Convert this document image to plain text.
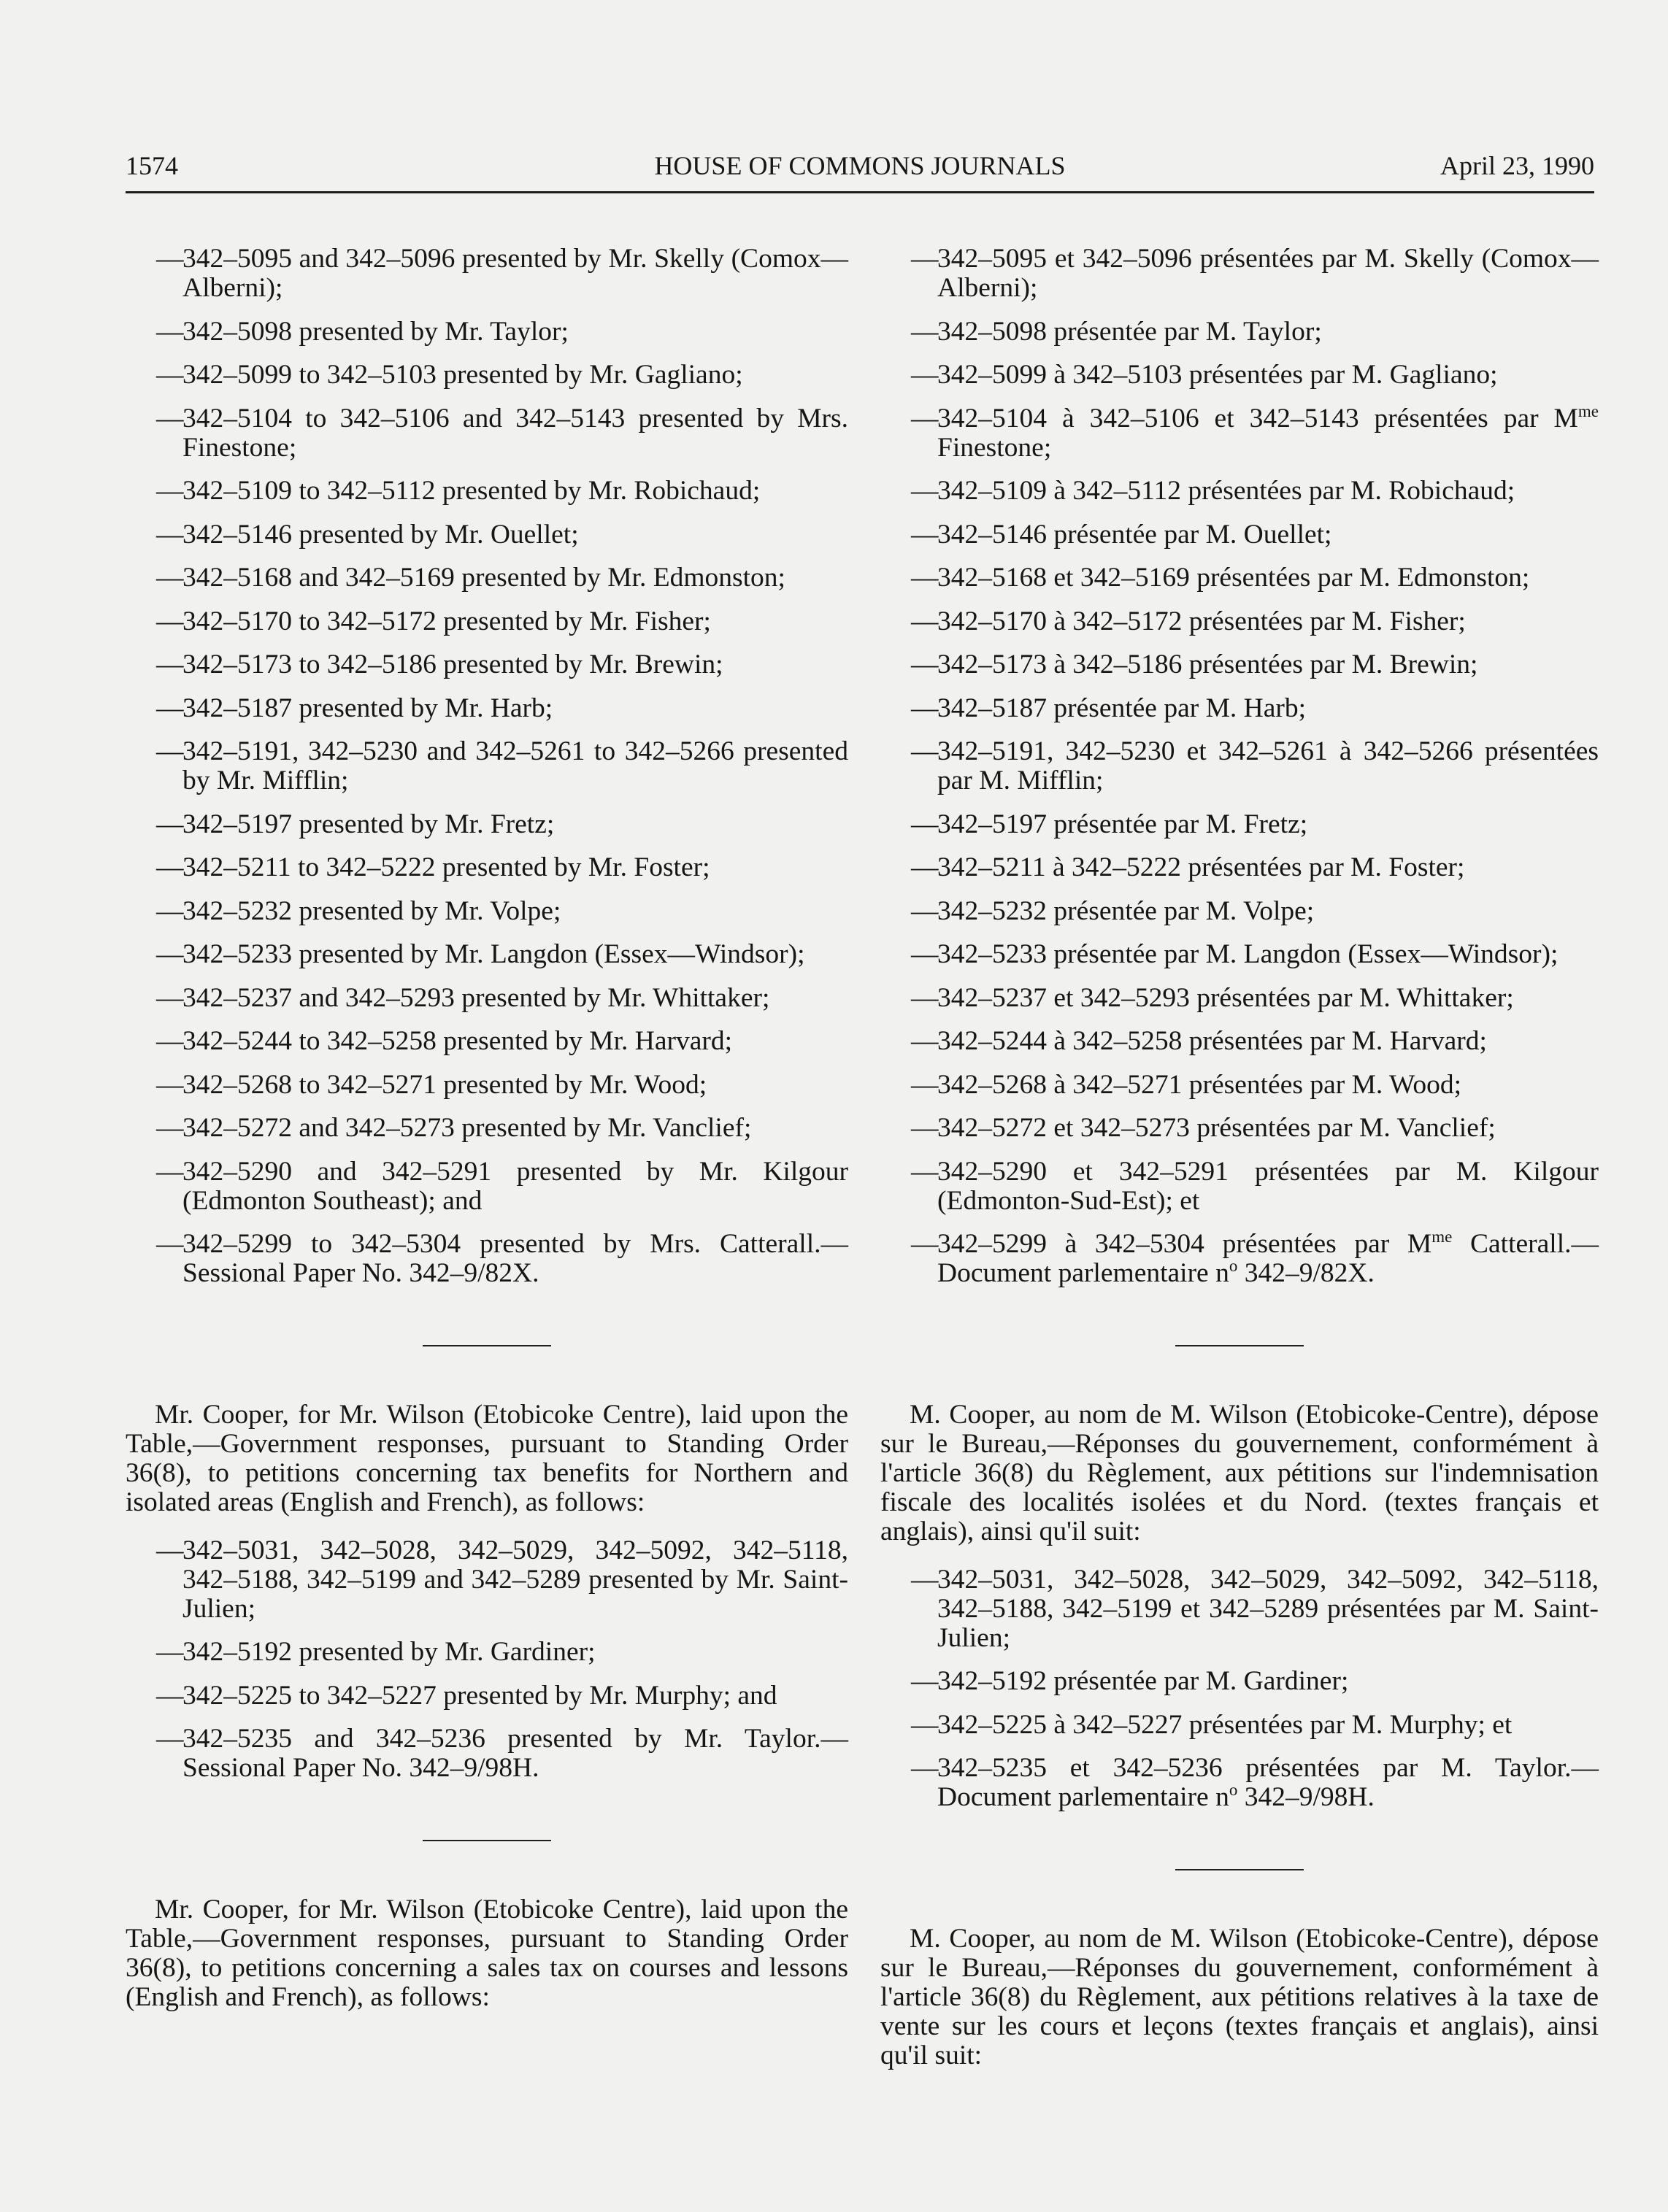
1574	HOUSE OF COMMONS JOURNALS	April 23, 1990
— 342–5095 and 342–5096 presented by Mr. Skelly (Comox—Alberni);
— 342–5098 presented by Mr. Taylor;
— 342–5099 to 342–5103 presented by Mr. Gagliano;
— 342–5104 to 342–5106 and 342–5143 presented by Mrs. Finestone;
— 342–5109 to 342–5112 presented by Mr. Robichaud;
— 342–5146 presented by Mr. Ouellet;
— 342–5168 and 342–5169 presented by Mr. Edmonston;
— 342–5170 to 342–5172 presented by Mr. Fisher;
— 342–5173 to 342–5186 presented by Mr. Brewin;
— 342–5187 presented by Mr. Harb;
— 342–5191, 342–5230 and 342–5261 to 342–5266 presented by Mr. Mifflin;
— 342–5197 presented by Mr. Fretz;
— 342–5211 to 342–5222 presented by Mr. Foster;
— 342–5232 presented by Mr. Volpe;
— 342–5233 presented by Mr. Langdon (Essex—Windsor);
— 342–5237 and 342–5293 presented by Mr. Whittaker;
— 342–5244 to 342–5258 presented by Mr. Harvard;
— 342–5268 to 342–5271 presented by Mr. Wood;
— 342–5272 and 342–5273 presented by Mr. Vanclief;
— 342–5290 and 342–5291 presented by Mr. Kilgour (Edmonton Southeast); and
— 342–5299 to 342–5304 presented by Mrs. Catterall.—Sessional Paper No. 342–9/82X.

Mr. Cooper, for Mr. Wilson (Etobicoke Centre), laid upon the Table,—Government responses, pursuant to Standing Order 36(8), to petitions concerning tax benefits for Northern and isolated areas (English and French), as follows:

— 342–5031, 342–5028, 342–5029, 342–5092, 342–5118, 342–5188, 342–5199 and 342–5289 presented by Mr. Saint-Julien;
— 342–5192 presented by Mr. Gardiner;
— 342–5225 to 342–5227 presented by Mr. Murphy; and
— 342–5235 and 342–5236 presented by Mr. Taylor.—Sessional Paper No. 342–9/98H.

Mr. Cooper, for Mr. Wilson (Etobicoke Centre), laid upon the Table,—Government responses, pursuant to Standing Order 36(8), to petitions concerning a sales tax on courses and lessons (English and French), as follows:

— 342–5095 et 342–5096 présentées par M. Skelly (Comox—Alberni);
— 342–5098 présentée par M. Taylor;
— 342–5099 à 342–5103 présentées par M. Gagliano;
— 342–5104 à 342–5106 et 342–5143 présentées par $M^{me}$ Finestone;
— 342–5109 à 342–5112 présentées par M. Robichaud;
— 342–5146 présentée par M. Ouellet;
— 342–5168 et 342–5169 présentées par M. Edmonston;
— 342–5170 à 342–5172 présentées par M. Fisher;
— 342–5173 à 342–5186 présentées par M. Brewin;
— 342–5187 présentée par M. Harb;
— 342–5191, 342–5230 et 342–5261 à 342–5266 présentées par M. Mifflin;
— 342–5197 présentée par M. Fretz;
— 342–5211 à 342–5222 présentées par M. Foster;
— 342–5232 présentée par M. Volpe;
— 342–5233 présentée par M. Langdon (Essex—Windsor);
— 342–5237 et 342–5293 présentées par M. Whittaker;
— 342–5244 à 342–5258 présentées par M. Harvard;
— 342–5268 à 342–5271 présentées par M. Wood;
— 342–5272 et 342–5273 présentées par M. Vanclief;
— 342–5290 et 342–5291 présentées par M. Kilgour (Edmonton-Sud-Est); et
— 342–5299 à 342–5304 présentées par $M^{me}$ Catterall.—Document parlementaire $n^o$ 342–9/82X.

M. Cooper, au nom de M. Wilson (Etobicoke-Centre), dépose sur le Bureau,—Réponses du gouvernement, conformément à l'article 36(8) du Règlement, aux pétitions sur l'indemnisation fiscale des localités isolées et du Nord. (textes français et anglais), ainsi qu'il suit:

— 342–5031, 342–5028, 342–5029, 342–5092, 342–5118, 342–5188, 342–5199 et 342–5289 présentées par M. Saint-Julien;
— 342–5192 présentée par M. Gardiner;
— 342–5225 à 342–5227 présentées par M. Murphy; et
— 342–5235 et 342–5236 présentées par M. Taylor.—Document parlementaire $n^o$ 342–9/98H.

M. Cooper, au nom de M. Wilson (Etobicoke-Centre), dépose sur le Bureau,—Réponses du gouvernement, conformément à l'article 36(8) du Règlement, aux pétitions relatives à la taxe de vente sur les cours et leçons (textes français et anglais), ainsi qu'il suit:
